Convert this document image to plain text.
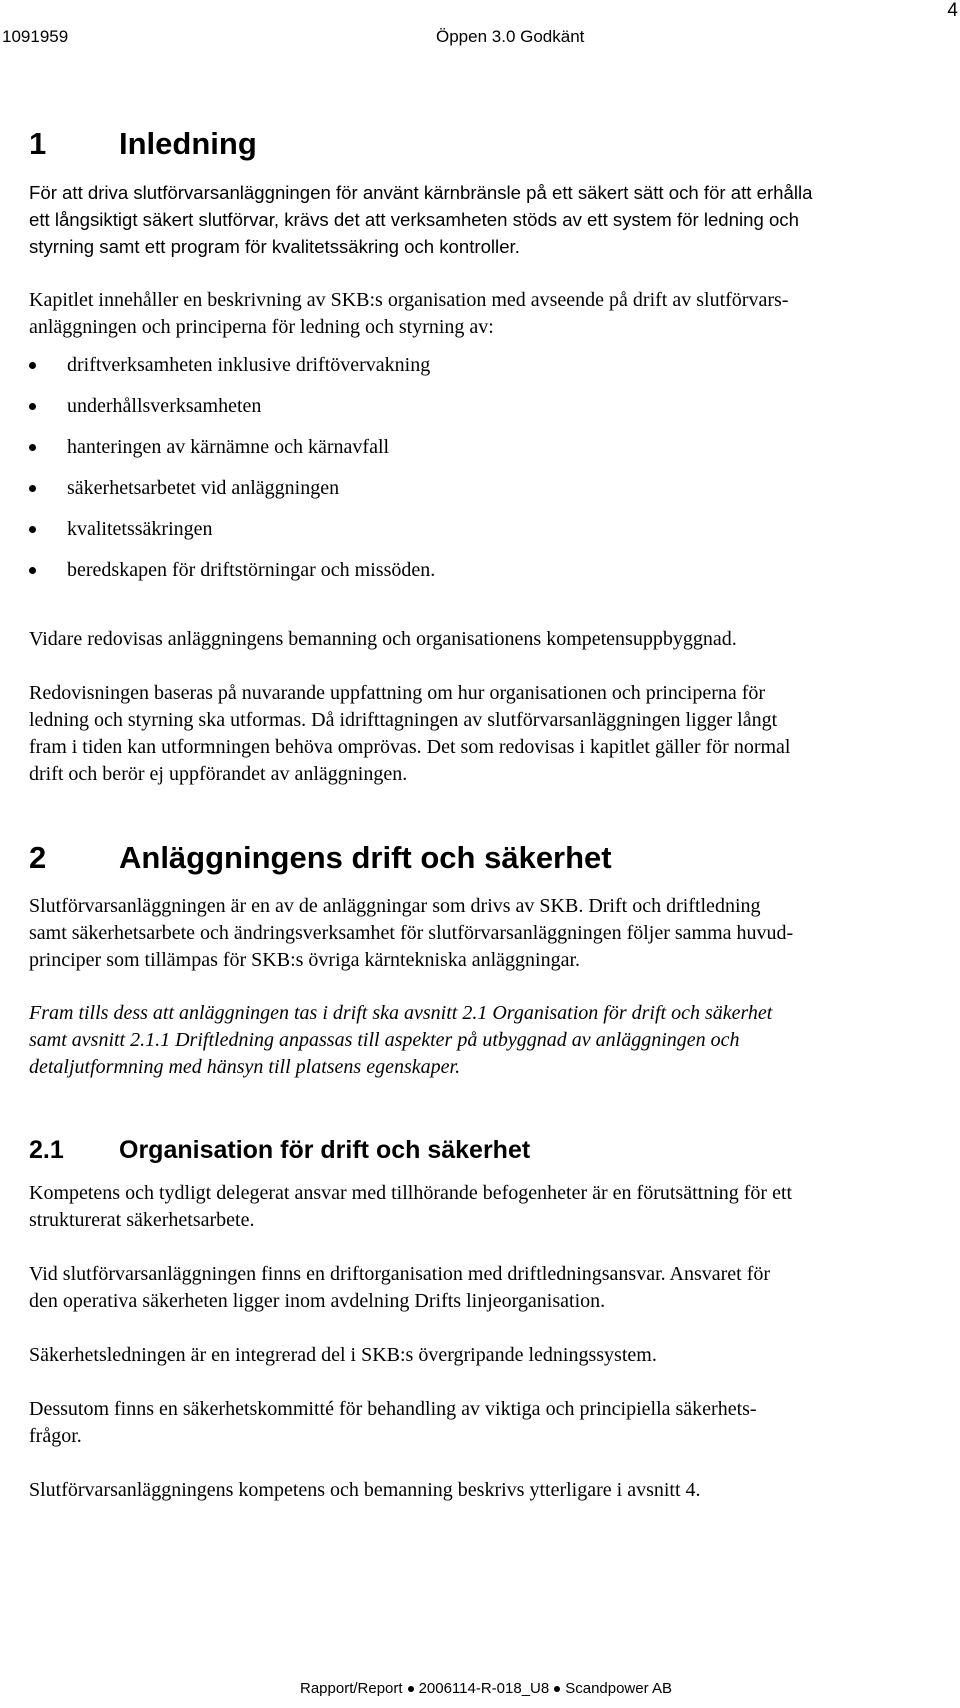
4
1091959	Öppen 3.0 Godkänt
1 Inledning
För att driva slutförvarsanläggningen för använt kärnbränsle på ett säkert sätt och för att erhålla
ett långsiktigt säkert slutförvar, krävs det att verksamheten stöds av ett system för ledning och
styrning samt ett program för kvalitetssäkring och kontroller.
Kapitlet innehåller en beskrivning av SKB:s organisation med avseende på drift av slutförvars-
anläggningen och principerna för ledning och styrning av:
driftverksamheten inklusive driftövervakning
underhållsverksamheten
hanteringen av kärnämne och kärnavfall
säkerhetsarbetet vid anläggningen
kvalitetssäkringen
beredskapen för driftstörningar och missöden.
Vidare redovisas anläggningens bemanning och organisationens kompetensuppbyggnad.
Redovisningen baseras på nuvarande uppfattning om hur organisationen och principerna för
ledning och styrning ska utformas. Då idrifttagningen av slutförvarsanläggningen ligger långt
fram i tiden kan utformningen behöva omprövas. Det som redovisas i kapitlet gäller för normal
drift och berör ej uppförandet av anläggningen.
2 Anläggningens drift och säkerhet
Slutförvarsanläggningen är en av de anläggningar som drivs av SKB. Drift och driftledning
samt säkerhetsarbete och ändringsverksamhet för slutförvarsanläggningen följer samma huvud-
principer som tillämpas för SKB:s övriga kärntekniska anläggningar.
Fram tills dess att anläggningen tas i drift ska avsnitt 2.1 Organisation för drift och säkerhet
samt avsnitt 2.1.1 Driftledning anpassas till aspekter på utbyggnad av anläggningen och
detaljutformning med hänsyn till platsens egenskaper.
2.1 Organisation för drift och säkerhet
Kompetens och tydligt delegerat ansvar med tillhörande befogenheter är en förutsättning för ett
strukturerat säkerhetsarbete.
Vid slutförvarsanläggningen finns en driftorganisation med driftledningsansvar. Ansvaret för
den operativa säkerheten ligger inom avdelning Drifts linjeorganisation.
Säkerhetsledningen är en integrerad del i SKB:s övergripande ledningssystem.
Dessutom finns en säkerhetskommitté för behandling av viktiga och principiella säkerhets-
frågor.
Slutförvarsanläggningens kompetens och bemanning beskrivs ytterligare i avsnitt 4.
Rapport/Report 2006114-R-018_U8 Scandpower AB
